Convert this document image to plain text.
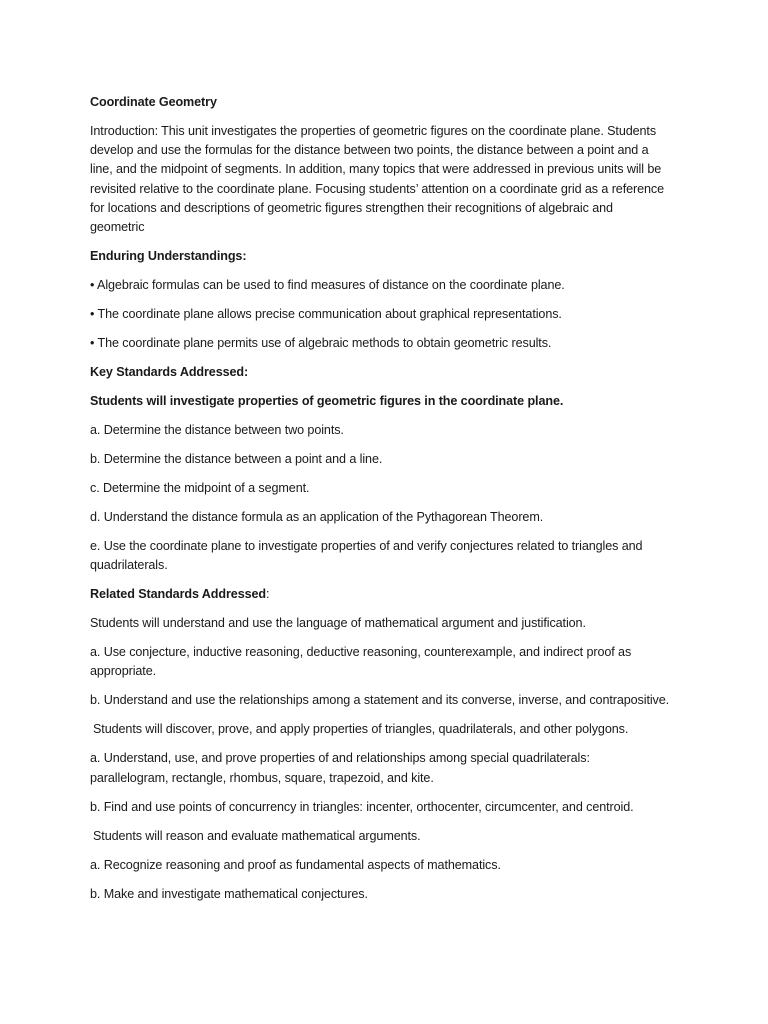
Coordinate Geometry

Introduction: This unit investigates the properties of geometric figures on the coordinate plane. Students develop and use the formulas for the distance between two points, the distance between a point and a line, and the midpoint of segments. In addition, many topics that were addressed in previous units will be revisited relative to the coordinate plane. Focusing students’ attention on a coordinate grid as a reference for locations and descriptions of geometric figures strengthen their recognitions of algebraic and geometric

Enduring Understandings:

• Algebraic formulas can be used to find measures of distance on the coordinate plane.

• The coordinate plane allows precise communication about graphical representations.

• The coordinate plane permits use of algebraic methods to obtain geometric results.

Key Standards Addressed:

Students will investigate properties of geometric figures in the coordinate plane.

a. Determine the distance between two points.

b. Determine the distance between a point and a line.

c. Determine the midpoint of a segment.

d. Understand the distance formula as an application of the Pythagorean Theorem.

e. Use the coordinate plane to investigate properties of and verify conjectures related to triangles and quadrilaterals.

Related Standards Addressed:

Students will understand and use the language of mathematical argument and justification.

a. Use conjecture, inductive reasoning, deductive reasoning, counterexample, and indirect proof as appropriate.

b. Understand and use the relationships among a statement and its converse, inverse, and contrapositive.

Students will discover, prove, and apply properties of triangles, quadrilaterals, and other polygons.

a. Understand, use, and prove properties of and relationships among special quadrilaterals: parallelogram, rectangle, rhombus, square, trapezoid, and kite.

b. Find and use points of concurrency in triangles: incenter, orthocenter, circumcenter, and centroid.

Students will reason and evaluate mathematical arguments.

a. Recognize reasoning and proof as fundamental aspects of mathematics.

b. Make and investigate mathematical conjectures.
